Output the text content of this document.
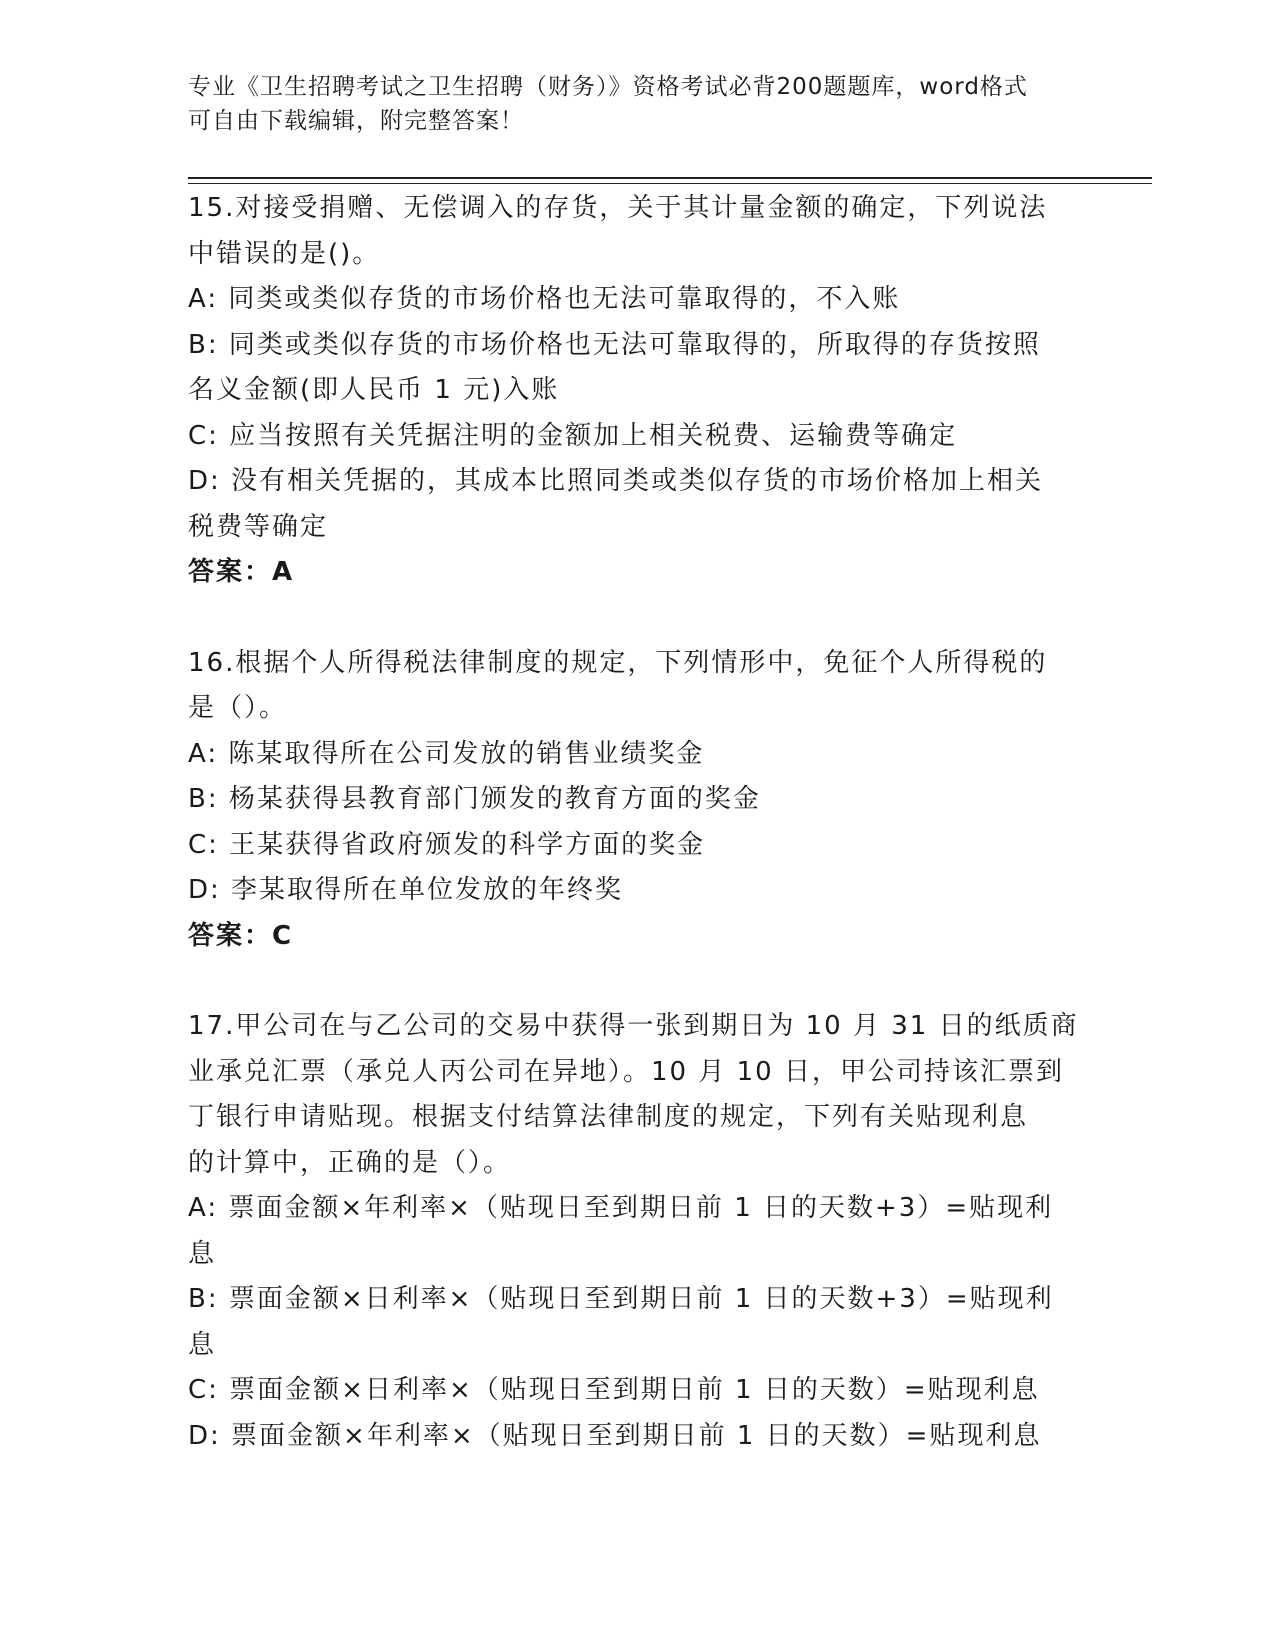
专业《卫生招聘考试之卫生招聘（财务）》资格考试必背200题题库，word格式
可自由下载编辑，附完整答案！
15.对接受捐赠、无偿调入的存货，关于其计量金额的确定，下列说法
中错误的是()。
A: 同类或类似存货的市场价格也无法可靠取得的，不入账
B: 同类或类似存货的市场价格也无法可靠取得的，所取得的存货按照
名义金额(即人民币 1 元)入账
C: 应当按照有关凭据注明的金额加上相关税费、运输费等确定
D: 没有相关凭据的，其成本比照同类或类似存货的市场价格加上相关
税费等确定
答案：A
16.根据个人所得税法律制度的规定，下列情形中，免征个人所得税的
是（）。
A: 陈某取得所在公司发放的销售业绩奖金
B: 杨某获得县教育部门颁发的教育方面的奖金
C: 王某获得省政府颁发的科学方面的奖金
D: 李某取得所在单位发放的年终奖
答案：C
17.甲公司在与乙公司的交易中获得一张到期日为 10 月 31 日的纸质商
业承兑汇票（承兑人丙公司在异地）。10 月 10 日，甲公司持该汇票到
丁银行申请贴现。根据支付结算法律制度的规定，下列有关贴现利息
的计算中，正确的是（）。
A: 票面金额×年利率×（贴现日至到期日前 1 日的天数+3）=贴现利
息
B: 票面金额×日利率×（贴现日至到期日前 1 日的天数+3）=贴现利
息
C: 票面金额×日利率×（贴现日至到期日前 1 日的天数）=贴现利息
D: 票面金额×年利率×（贴现日至到期日前 1 日的天数）=贴现利息
